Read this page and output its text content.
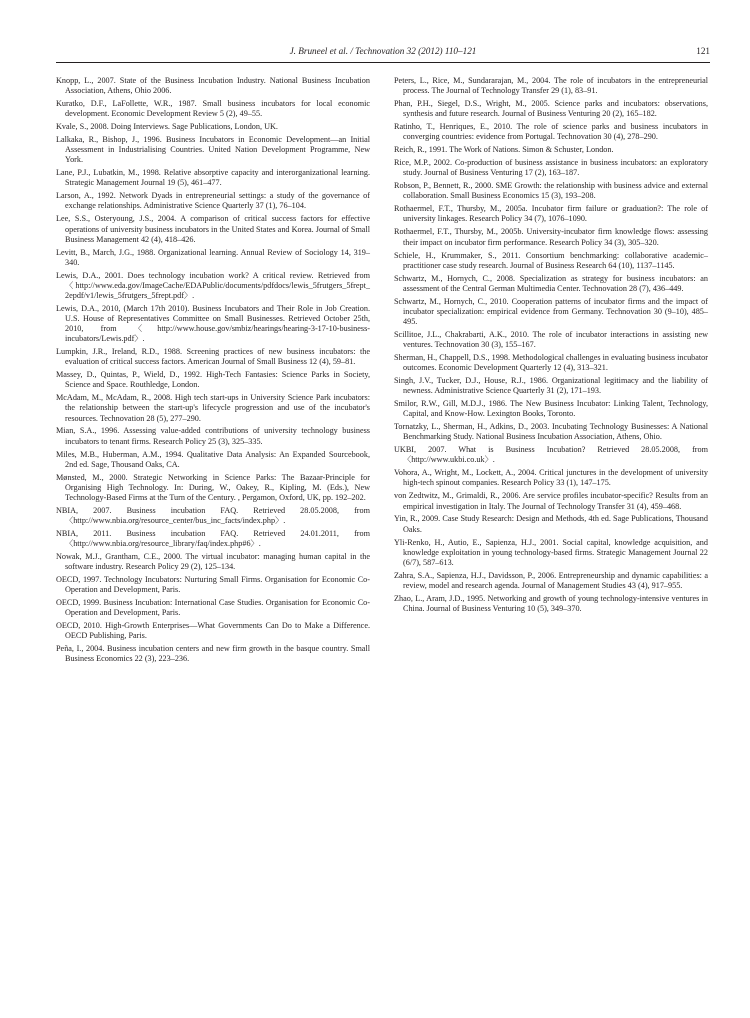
J. Bruneel et al. / Technovation 32 (2012) 110–121	121

Knopp, L., 2007. State of the Business Incubation Industry. National Business Incubation Association, Athens, Ohio 2006.

Kuratko, D.F., LaFollette, W.R., 1987. Small business incubators for local economic development. Economic Development Review 5 (2), 49–55.

Kvale, S., 2008. Doing Interviews. Sage Publications, London, UK.

Lalkaka, R., Bishop, J., 1996. Business Incubators in Economic Development—an Initial Assessment in Industrialising Countries. United Nation Development Programme, New York.

Lane, P.J., Lubatkin, M., 1998. Relative absorptive capacity and interorganizational learning. Strategic Management Journal 19 (5), 461–477.

Larson, A., 1992. Network Dyads in entrepreneurial settings: a study of the governance of exchange relationships. Administrative Science Quarterly 37 (1), 76–104.

Lee, S.S., Osteryoung, J.S., 2004. A comparison of critical success factors for effective operations of university business incubators in the United States and Korea. Journal of Small Business Management 42 (4), 418–426.

Levitt, B., March, J.G., 1988. Organizational learning. Annual Review of Sociology 14, 319–340.

Lewis, D.A., 2001. Does technology incubation work? A critical review. Retrieved from 〈http://www.eda.gov/ImageCache/EDAPublic/documents/pdfdocs/lewis_5frutgers_5frept_2epdf/v1/lewis_5frutgers_5frept.pdf〉.

Lewis, D.A., 2010, (March 17th 2010). Business Incubators and Their Role in Job Creation. U.S. House of Representatives Committee on Small Businesses. Retrieved October 25th, 2010, from 〈http://www.house.gov/smbiz/hearings/hearing-3-17-10-business-incubators/Lewis.pdf〉.

Lumpkin, J.R., Ireland, R.D., 1988. Screening practices of new business incubators: the evaluation of critical success factors. American Journal of Small Business 12 (4), 59–81.

Massey, D., Quintas, P., Wield, D., 1992. High-Tech Fantasies: Science Parks in Society, Science and Space. Routhledge, London.

McAdam, M., McAdam, R., 2008. High tech start-ups in University Science Park incubators: the relationship between the start-up's lifecycle progression and use of the incubator's resources. Technovation 28 (5), 277–290.

Mian, S.A., 1996. Assessing value-added contributions of university technology business incubators to tenant firms. Research Policy 25 (3), 325–335.

Miles, M.B., Huberman, A.M., 1994. Qualitative Data Analysis: An Expanded Sourcebook, 2nd ed. Sage, Thousand Oaks, CA.

Mønsted, M., 2000. Strategic Networking in Science Parks: The Bazaar-Principle for Organising High Technology. In: During, W., Oakey, R., Kipling, M. (Eds.), New Technology-Based Firms at the Turn of the Century. , Pergamon, Oxford, UK, pp. 192–202.

NBIA, 2007. Business incubation FAQ. Retrieved 28.05.2008, from 〈http://www.nbia.org/resource_center/bus_inc_facts/index.php〉.

NBIA, 2011. Business incubation FAQ. Retrieved 24.01.2011, from 〈http://www.nbia.org/resource_library/faq/index.php#6〉.

Nowak, M.J., Grantham, C.E., 2000. The virtual incubator: managing human capital in the software industry. Research Policy 29 (2), 125–134.

OECD, 1997. Technology Incubators: Nurturing Small Firms. Organisation for Economic Co-Operation and Development, Paris.

OECD, 1999. Business Incubation: International Case Studies. Organisation for Economic Co-Operation and Development, Paris.

OECD, 2010. High-Growth Enterprises—What Governments Can Do to Make a Difference. OECD Publishing, Paris.

Peña, I., 2004. Business incubation centers and new firm growth in the basque country. Small Business Economics 22 (3), 223–236.

Peters, L., Rice, M., Sundararajan, M., 2004. The role of incubators in the entrepreneurial process. The Journal of Technology Transfer 29 (1), 83–91.

Phan, P.H., Siegel, D.S., Wright, M., 2005. Science parks and incubators: observations, synthesis and future research. Journal of Business Venturing 20 (2), 165–182.

Ratinho, T., Henriques, E., 2010. The role of science parks and business incubators in converging countries: evidence from Portugal. Technovation 30 (4), 278–290.

Reich, R., 1991. The Work of Nations. Simon & Schuster, London.

Rice, M.P., 2002. Co-production of business assistance in business incubators: an exploratory study. Journal of Business Venturing 17 (2), 163–187.

Robson, P., Bennett, R., 2000. SME Growth: the relationship with business advice and external collaboration. Small Business Economics 15 (3), 193–208.

Rothaermel, F.T., Thursby, M., 2005a. Incubator firm failure or graduation?: The role of university linkages. Research Policy 34 (7), 1076–1090.

Rothaermel, F.T., Thursby, M., 2005b. University-incubator firm knowledge flows: assessing their impact on incubator firm performance. Research Policy 34 (3), 305–320.

Schiele, H., Krummaker, S., 2011. Consortium benchmarking: collaborative academic–practitioner case study research. Journal of Business Research 64 (10), 1137–1145.

Schwartz, M., Hornych, C., 2008. Specialization as strategy for business incubators: an assessment of the Central German Multimedia Center. Technovation 28 (7), 436–449.

Schwartz, M., Hornych, C., 2010. Cooperation patterns of incubator firms and the impact of incubator specialization: empirical evidence from Germany. Technovation 30 (9–10), 485–495.

Scillitoe, J.L., Chakrabarti, A.K., 2010. The role of incubator interactions in assisting new ventures. Technovation 30 (3), 155–167.

Sherman, H., Chappell, D.S., 1998. Methodological challenges in evaluating business incubator outcomes. Economic Development Quarterly 12 (4), 313–321.

Singh, J.V., Tucker, D.J., House, R.J., 1986. Organizational legitimacy and the liability of newness. Administrative Science Quarterly 31 (2), 171–193.

Smilor, R.W., Gill, M.D.J., 1986. The New Business Incubator: Linking Talent, Technology, Capital, and Know-How. Lexington Books, Toronto.

Tornatzky, L., Sherman, H., Adkins, D., 2003. Incubating Technology Businesses: A National Benchmarking Study. National Business Incubation Association, Athens, Ohio.

UKBI, 2007. What is Business Incubation? Retrieved 28.05.2008, from 〈http://www.ukbi.co.uk〉.

Vohora, A., Wright, M., Lockett, A., 2004. Critical junctures in the development of university high-tech spinout companies. Research Policy 33 (1), 147–175.

von Zedtwitz, M., Grimaldi, R., 2006. Are service profiles incubator-specific? Results from an empirical investigation in Italy. The Journal of Technology Transfer 31 (4), 459–468.

Yin, R., 2009. Case Study Research: Design and Methods, 4th ed. Sage Publications, Thousand Oaks.

Yli-Renko, H., Autio, E., Sapienza, H.J., 2001. Social capital, knowledge acquisition, and knowledge exploitation in young technology-based firms. Strategic Management Journal 22 (6/7), 587–613.

Zahra, S.A., Sapienza, H.J., Davidsson, P., 2006. Entrepreneurship and dynamic capabilities: a review, model and research agenda. Journal of Management Studies 43 (4), 917–955.

Zhao, L., Aram, J.D., 1995. Networking and growth of young technology-intensive ventures in China. Journal of Business Venturing 10 (5), 349–370.
